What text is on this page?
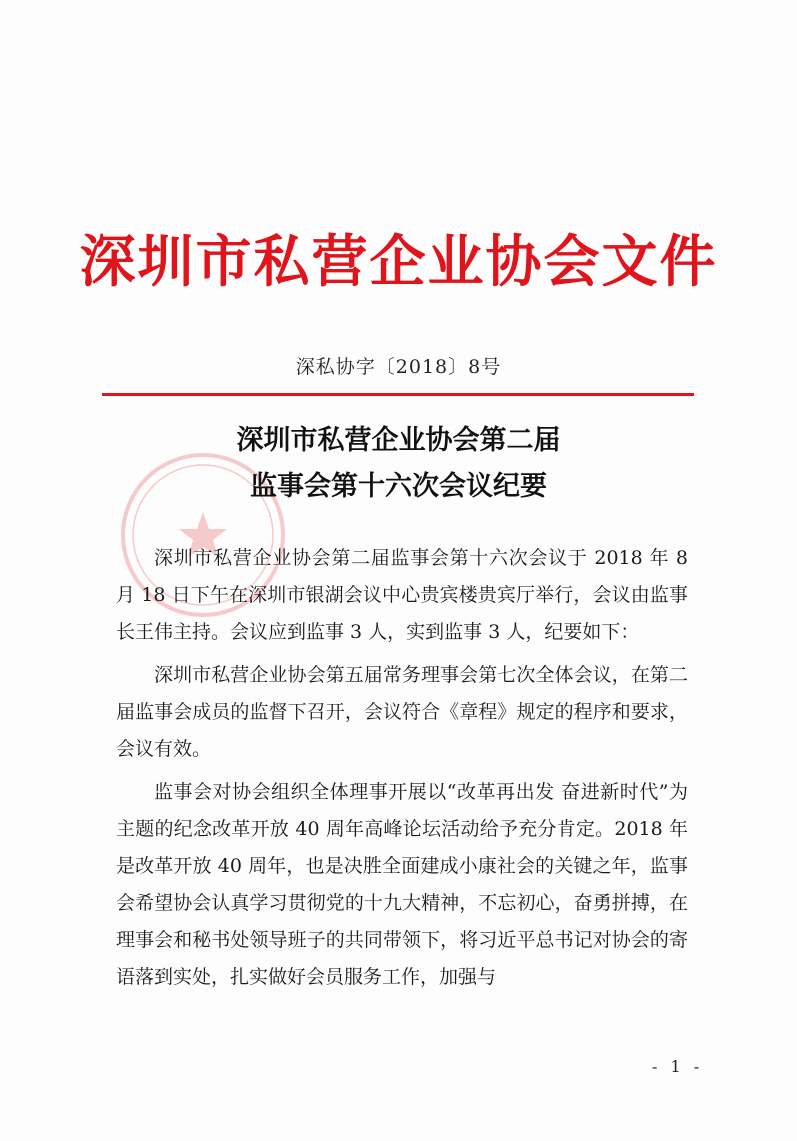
深圳市私营企业协会文件
深私协字〔2018〕8号
深圳市私营企业协会第二届
监事会第十六次会议纪要

深圳市私营企业协会第二届监事会第十六次会议于 2018 年 8 月 18 日下午在深圳市银湖会议中心贵宾楼贵宾厅举行，会议由监事长王伟主持。会议应到监事 3 人，实到监事 3 人，纪要如下：

深圳市私营企业协会第五届常务理事会第七次全体会议，在第二届监事会成员的监督下召开，会议符合《章程》规定的程序和要求，会议有效。

监事会对协会组织全体理事开展以“改革再出发 奋进新时代”为主题的纪念改革开放 40 周年高峰论坛活动给予充分肯定。2018 年是改革开放 40 周年，也是决胜全面建成小康社会的关键之年，监事会希望协会认真学习贯彻党的十九大精神，不忘初心，奋勇拼搏，在理事会和秘书处领导班子的共同带领下，将习近平总书记对协会的寄语落到实处，扎实做好会员服务工作，加强与

- 1 -
